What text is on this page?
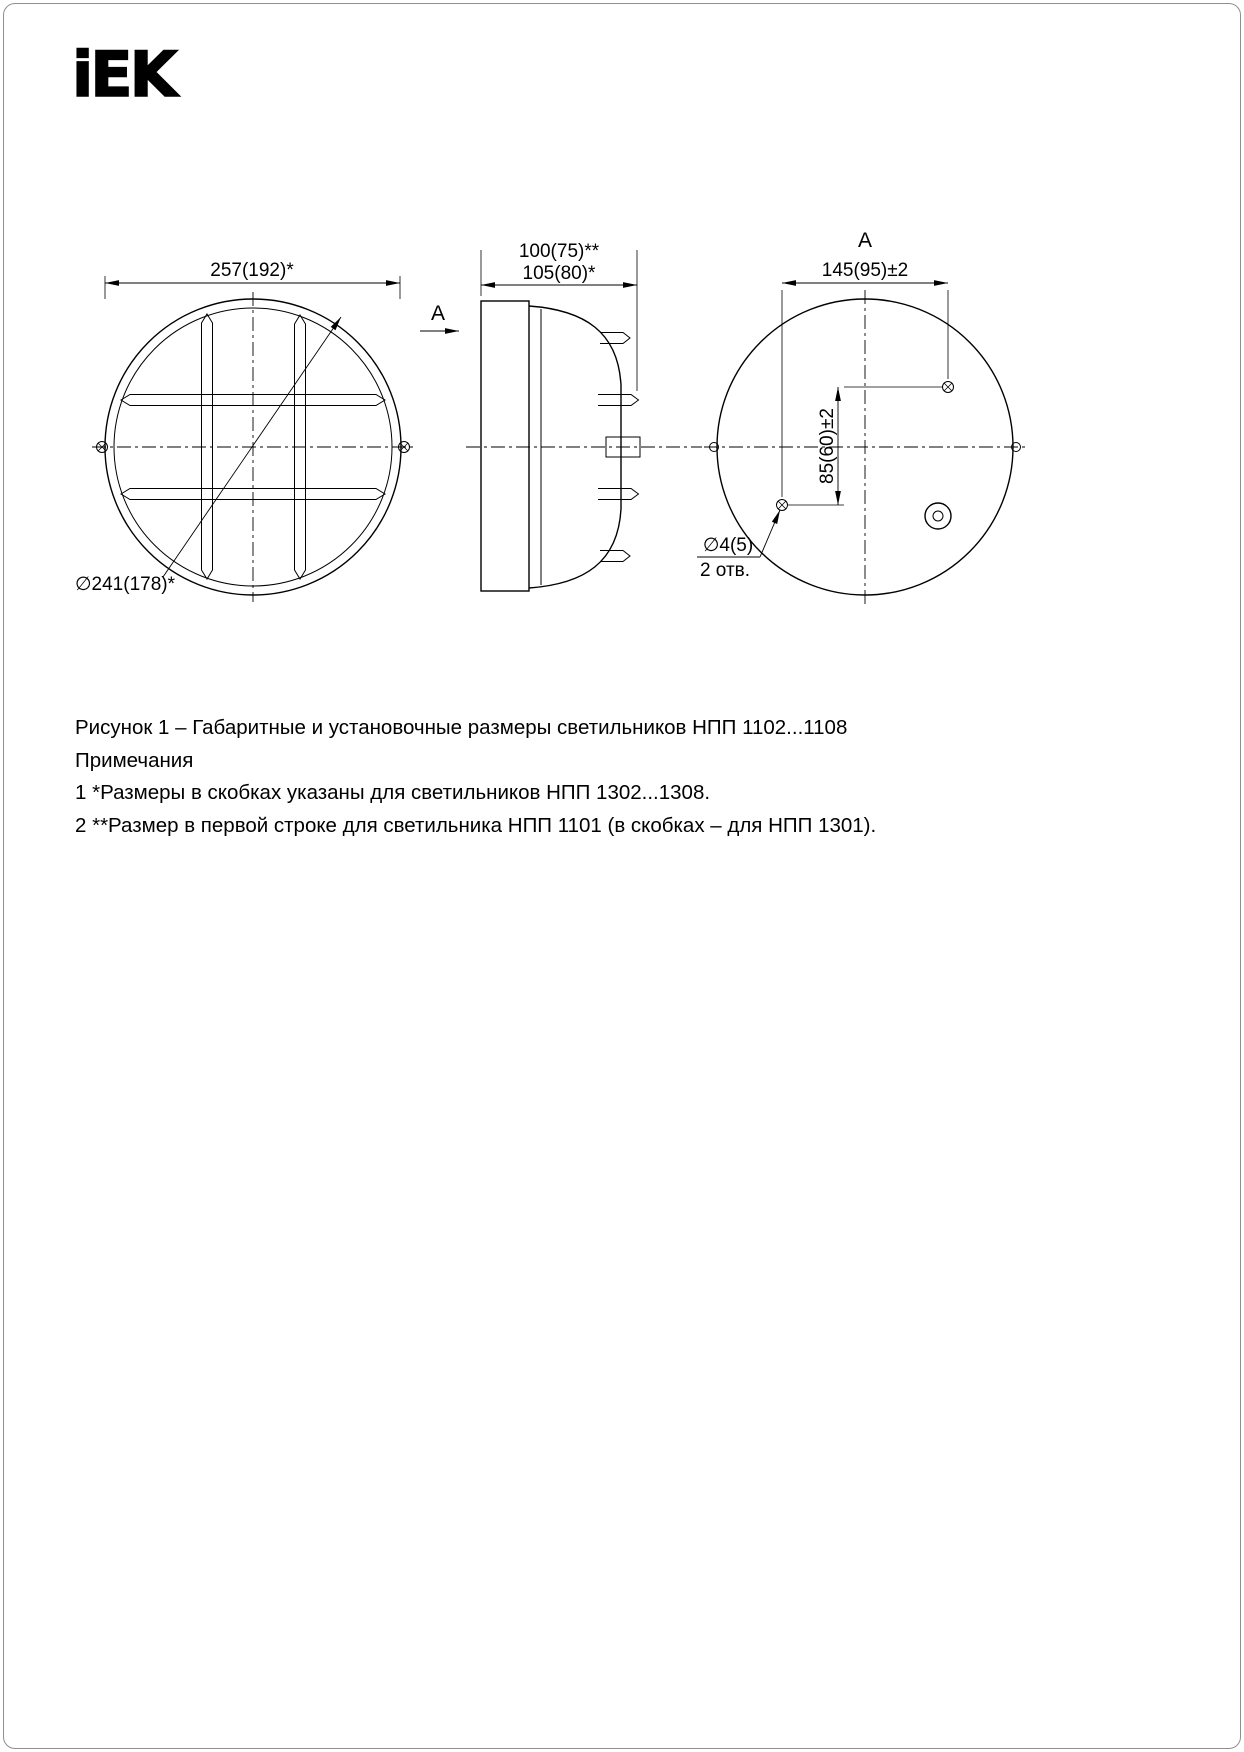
iEK
257(192)*
∅241(178)*
100(75)**
105(80)*
А
145(95)±2
85(60)±2
∅4(5)
2 отв.
А

Рисунок 1 – Габаритные и установочные размеры светильников НПП 1102...1108

Примечания

1 *Размеры в скобках указаны для светильников НПП 1302...1308.

2 **Размер в первой строке для светильника НПП 1101 (в скобках – для НПП 1301).
